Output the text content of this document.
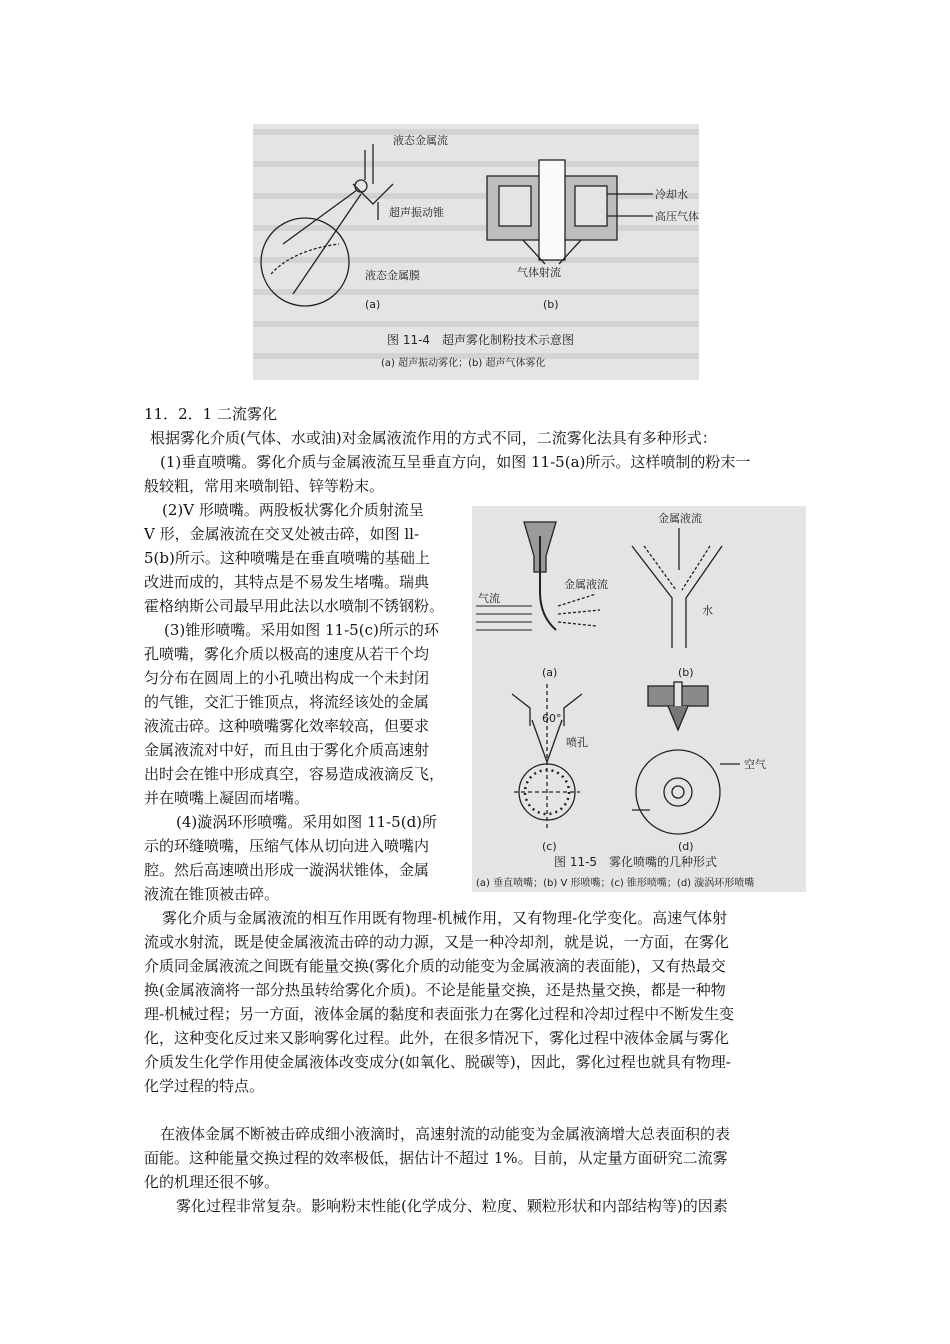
液态金属流
超声振动锥
液态金属膜
冷却水
高压气体
气体射流
(a)	(b)
图 11-4　超声雾化制粉技术示意图
(a) 超声振动雾化；(b) 超声气体雾化

11．2．1 二流雾化

根据雾化介质(气体、水或油)对金属液流作用的方式不同，二流雾化法具有多种形式：

(1)垂直喷嘴。雾化介质与金属液流互呈垂直方向，如图 11-5(a)所示。这样喷制的粉末一
般较粗，常用来喷制铅、锌等粉末。

(2)V 形喷嘴。两股板状雾化介质射流呈
V 形，金属液流在交叉处被击碎，如图 ll-
5(b)所示。这种喷嘴是在垂直喷嘴的基础上
改进而成的，其特点是不易发生堵嘴。瑞典
霍格纳斯公司最早用此法以水喷制不锈钢粉。

(3)锥形喷嘴。采用如图 11-5(c)所示的环
孔喷嘴，雾化介质以极高的速度从若干个均
匀分布在圆周上的小孔喷出构成一个未封闭
的气锥，交汇于锥顶点，将流经该处的金属
液流击碎。这种喷嘴雾化效率较高，但要求
金属液流对中好，而且由于雾化介质高速射
出时会在锥中形成真空，容易造成液滴反飞，
并在喷嘴上凝固而堵嘴。

(4)漩涡环形喷嘴。采用如图 11-5(d)所
示的环缝喷嘴，压缩气体从切向进入喷嘴内
腔。然后高速喷出形成一漩涡状锥体，金属
液流在锥顶被击碎。

金属液流
气流
金属液流
水
60°
喷孔
空气
(a)	(b)
(c)	(d)
图 11-5　雾化喷嘴的几种形式
(a) 垂直喷嘴；(b) V 形喷嘴；(c) 锥形喷嘴；(d) 漩涡环形喷嘴

雾化介质与金属液流的相互作用既有物理-机械作用，又有物理-化学变化。高速气体射
流或水射流，既是使金属液流击碎的动力源，又是一种冷却剂，就是说，一方面，在雾化
介质同金属液流之间既有能量交换(雾化介质的动能变为金属液滴的表面能)，又有热最交
换(金属液滴将一部分热虽转给雾化介质)。不论是能量交换，还是热量交换，都是一种物
理-机械过程；另一方面，液体金属的黏度和表面张力在雾化过程和冷却过程中不断发生变
化，这种变化反过来又影响雾化过程。此外，在很多情况下，雾化过程中液体金属与雾化
介质发生化学作用使金属液体改变成分(如氧化、脱碳等)，因此，雾化过程也就具有物理-
化学过程的特点。

在液体金属不断被击碎成细小液滴时，高速射流的动能变为金属液滴增大总表面积的表
面能。这种能量交换过程的效率极低，据估计不超过 1%。目前，从定量方面研究二流雾
化的机理还很不够。

雾化过程非常复杂。影响粉末性能(化学成分、粒度、颗粒形状和内部结构等)的因素
